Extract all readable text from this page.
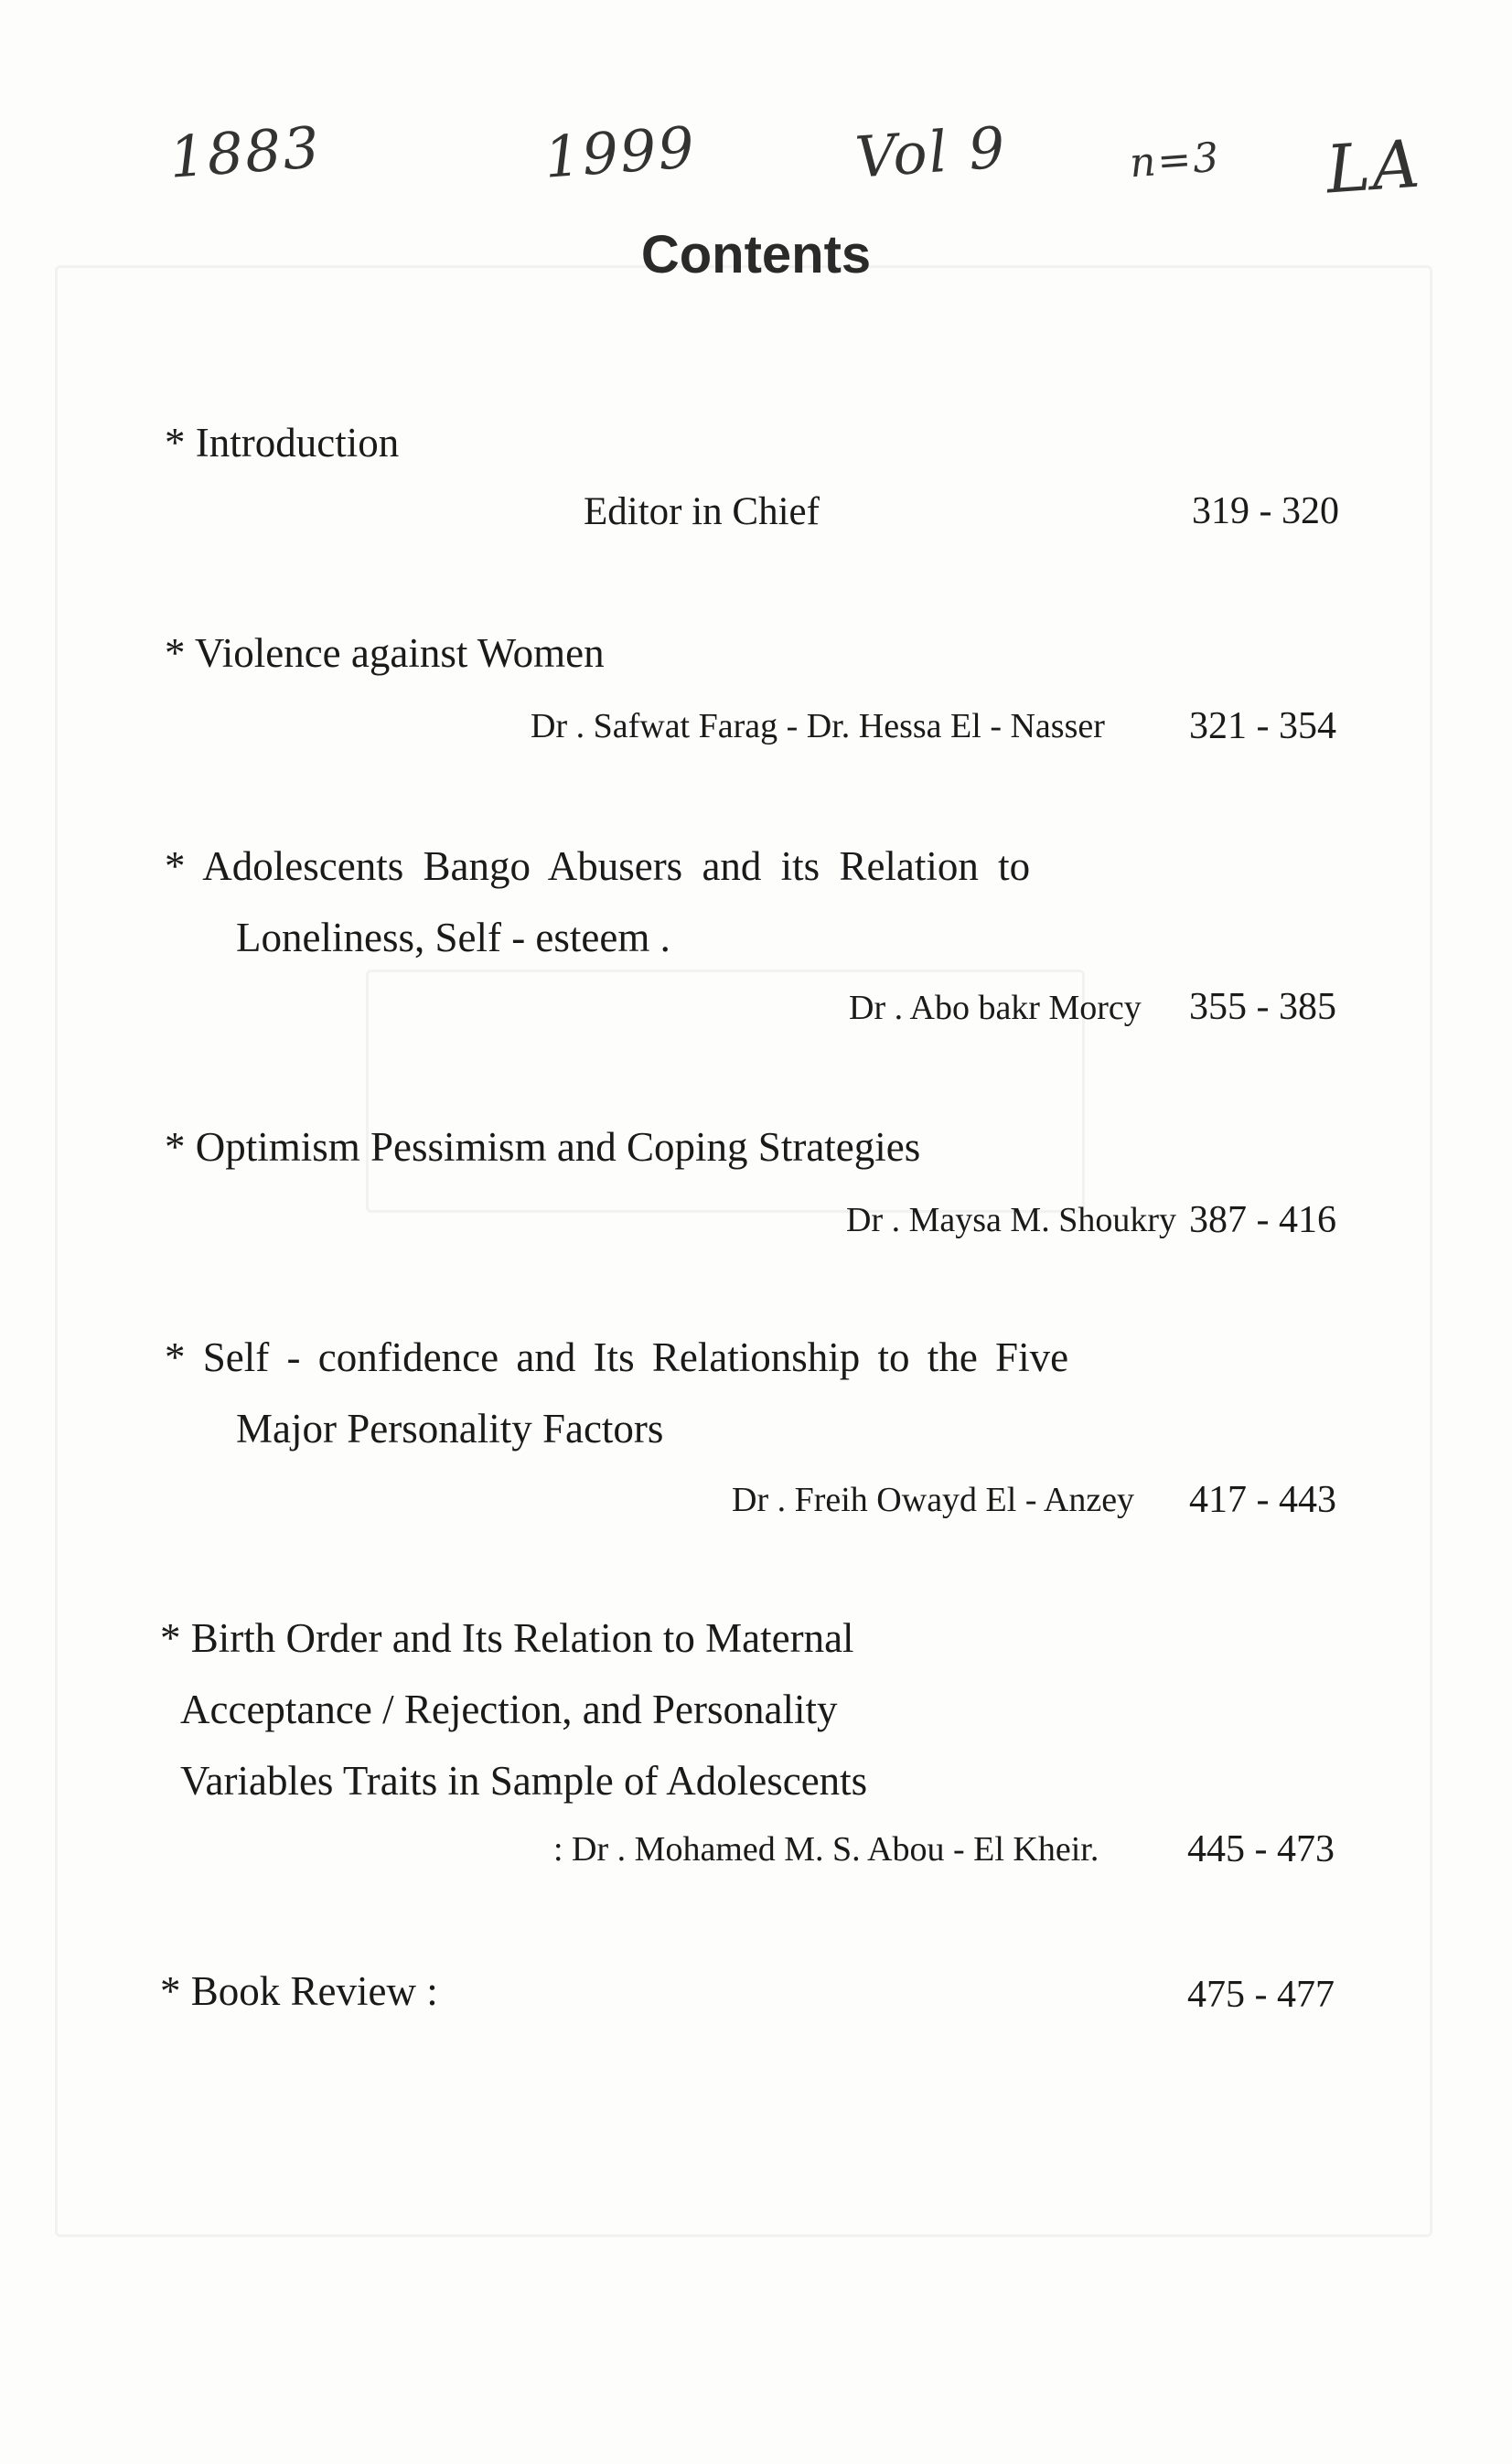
1883	1999	Vol 9	n=3 LA
Contents
* Introduction
Editor in Chief	319 - 320
* Violence against Women
Dr . Safwat Farag - Dr. Hessa El - Nasser 321 - 354
* Adolescents Bango Abusers and its Relation to
Loneliness, Self - esteem .
Dr . Abo bakr Morcy 355 - 385
* Optimism Pessimism and Coping Strategies
Dr . Maysa M. Shoukry 387 - 416
* Self - confidence and Its Relationship to the Five
Major Personality Factors
Dr . Freih Owayd El - Anzey 417 - 443
* Birth Order and Its Relation to Maternal
Acceptance / Rejection, and Personality
Variables Traits in Sample of Adolescents
: Dr . Mohamed M. S. Abou - El Kheir. 445 - 473
* Book Review :	475 - 477
